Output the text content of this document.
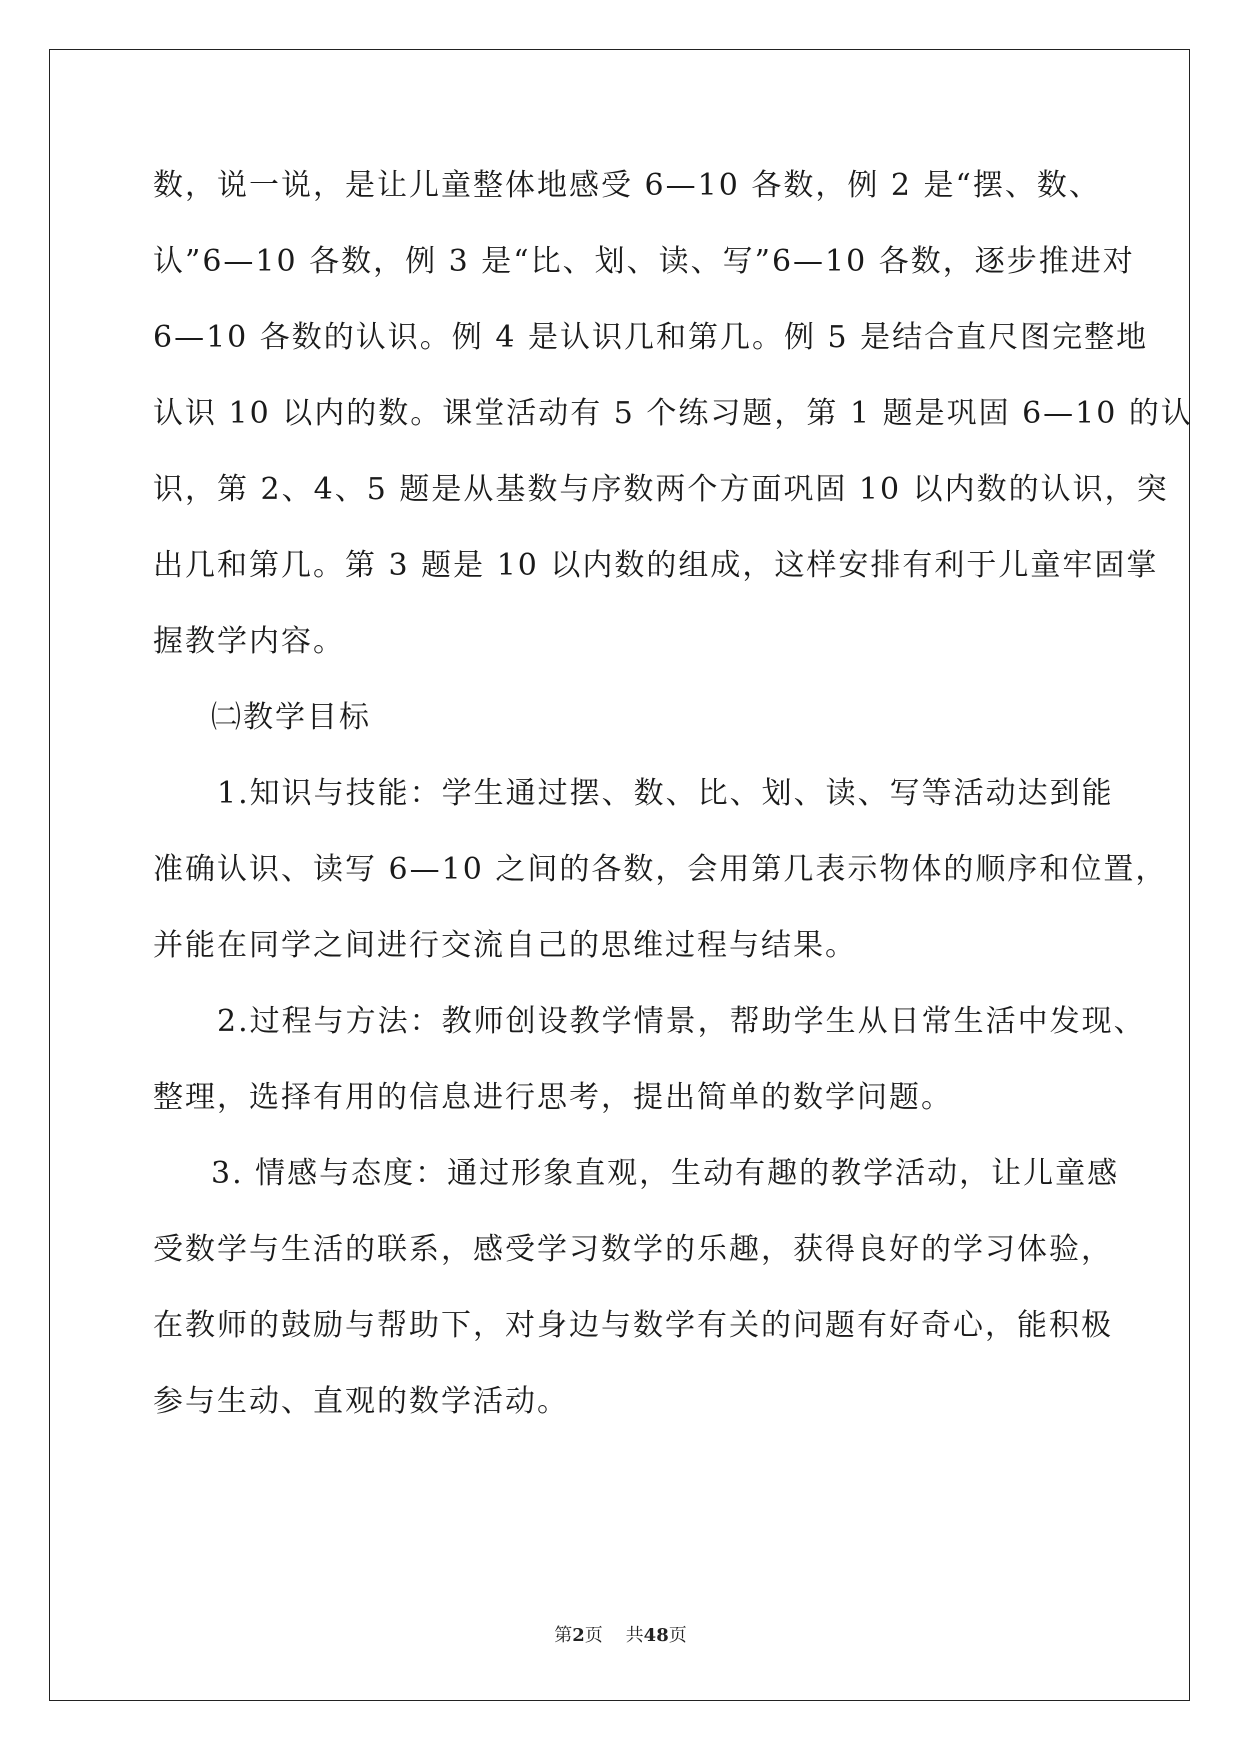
数，说一说，是让儿童整体地感受 6—10 各数，例 2 是“摆、数、
认”6—10 各数，例 3 是“比、划、读、写”6—10 各数，逐步推进对
6—10 各数的认识。例 4 是认识几和第几。例 5 是结合直尺图完整地
认识 10 以内的数。课堂活动有 5 个练习题，第 1 题是巩固 6—10 的认
识，第 2、4、5 题是从基数与序数两个方面巩固 10 以内数的认识，突
出几和第几。第 3 题是 10 以内数的组成，这样安排有利于儿童牢固掌
握教学内容。
㈡教学目标
1.知识与技能：学生通过摆、数、比、划、读、写等活动达到能
准确认识、读写 6—10 之间的各数，会用第几表示物体的顺序和位置，
并能在同学之间进行交流自己的思维过程与结果。
2.过程与方法：教师创设教学情景，帮助学生从日常生活中发现、
整理，选择有用的信息进行思考，提出简单的数学问题。
3. 情感与态度：通过形象直观，生动有趣的教学活动，让儿童感
受数学与生活的联系，感受学习数学的乐趣，获得良好的学习体验，
在教师的鼓励与帮助下，对身边与数学有关的问题有好奇心，能积极
参与生动、直观的数学活动。
第2页 共48页
